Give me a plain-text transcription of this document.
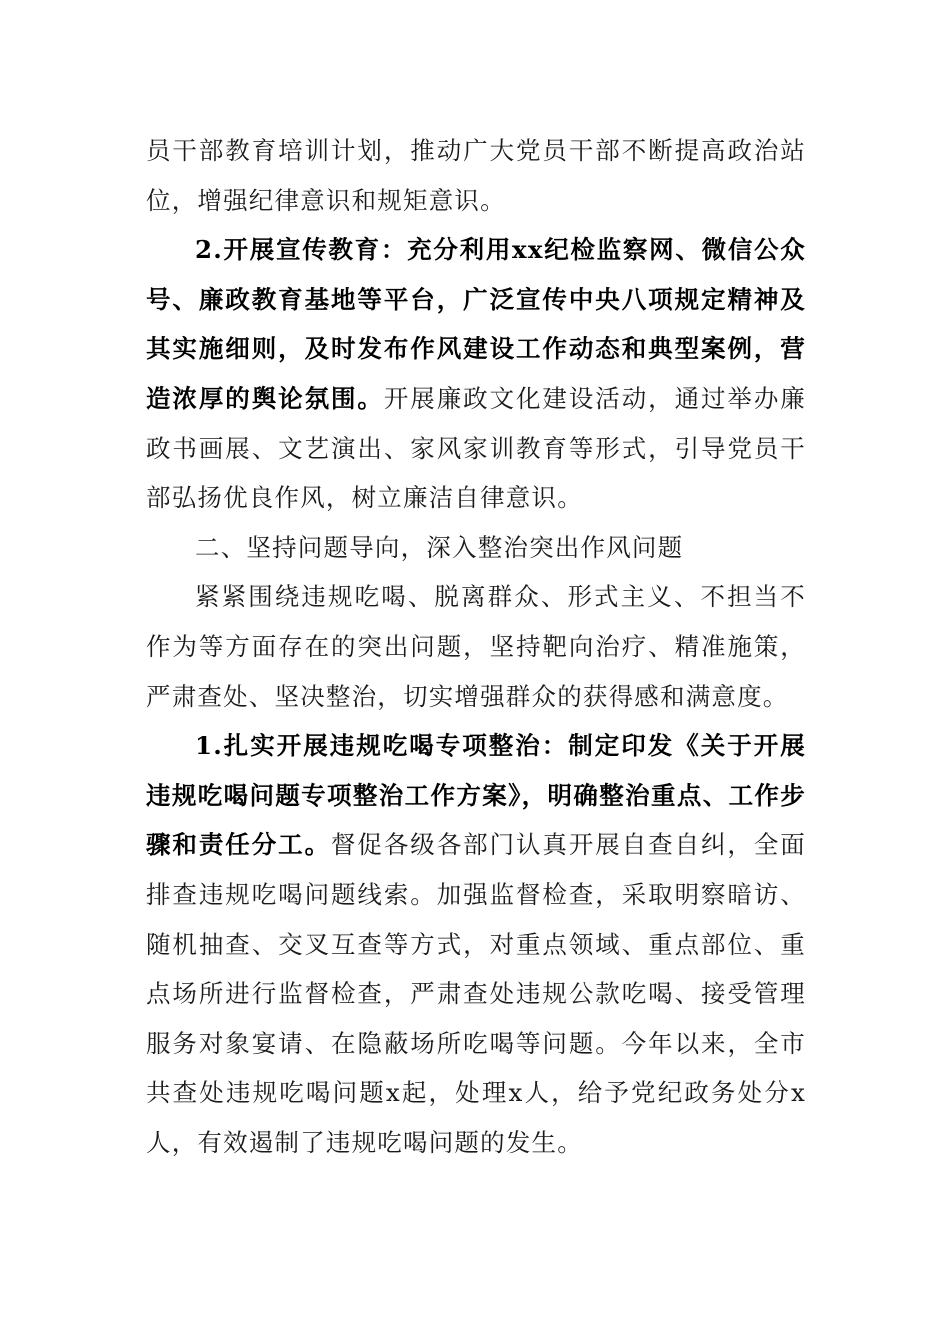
员干部教育培训计划，推动广大党员干部不断提高政治站位，增强纪律意识和规矩意识。

2.开展宣传教育：充分利用xx纪检监察网、微信公众号、廉政教育基地等平台，广泛宣传中央八项规定精神及其实施细则，及时发布作风建设工作动态和典型案例，营造浓厚的舆论氛围。开展廉政文化建设活动，通过举办廉政书画展、文艺演出、家风家训教育等形式，引导党员干部弘扬优良作风，树立廉洁自律意识。

二、坚持问题导向，深入整治突出作风问题

紧紧围绕违规吃喝、脱离群众、形式主义、不担当不作为等方面存在的突出问题，坚持靶向治疗、精准施策，严肃查处、坚决整治，切实增强群众的获得感和满意度。

1.扎实开展违规吃喝专项整治：制定印发《关于开展违规吃喝问题专项整治工作方案》，明确整治重点、工作步骤和责任分工。督促各级各部门认真开展自查自纠，全面排查违规吃喝问题线索。加强监督检查，采取明察暗访、随机抽查、交叉互查等方式，对重点领域、重点部位、重点场所进行监督检查，严肃查处违规公款吃喝、接受管理服务对象宴请、在隐蔽场所吃喝等问题。今年以来，全市共查处违规吃喝问题x起，处理x人，给予党纪政务处分x人，有效遏制了违规吃喝问题的发生。
